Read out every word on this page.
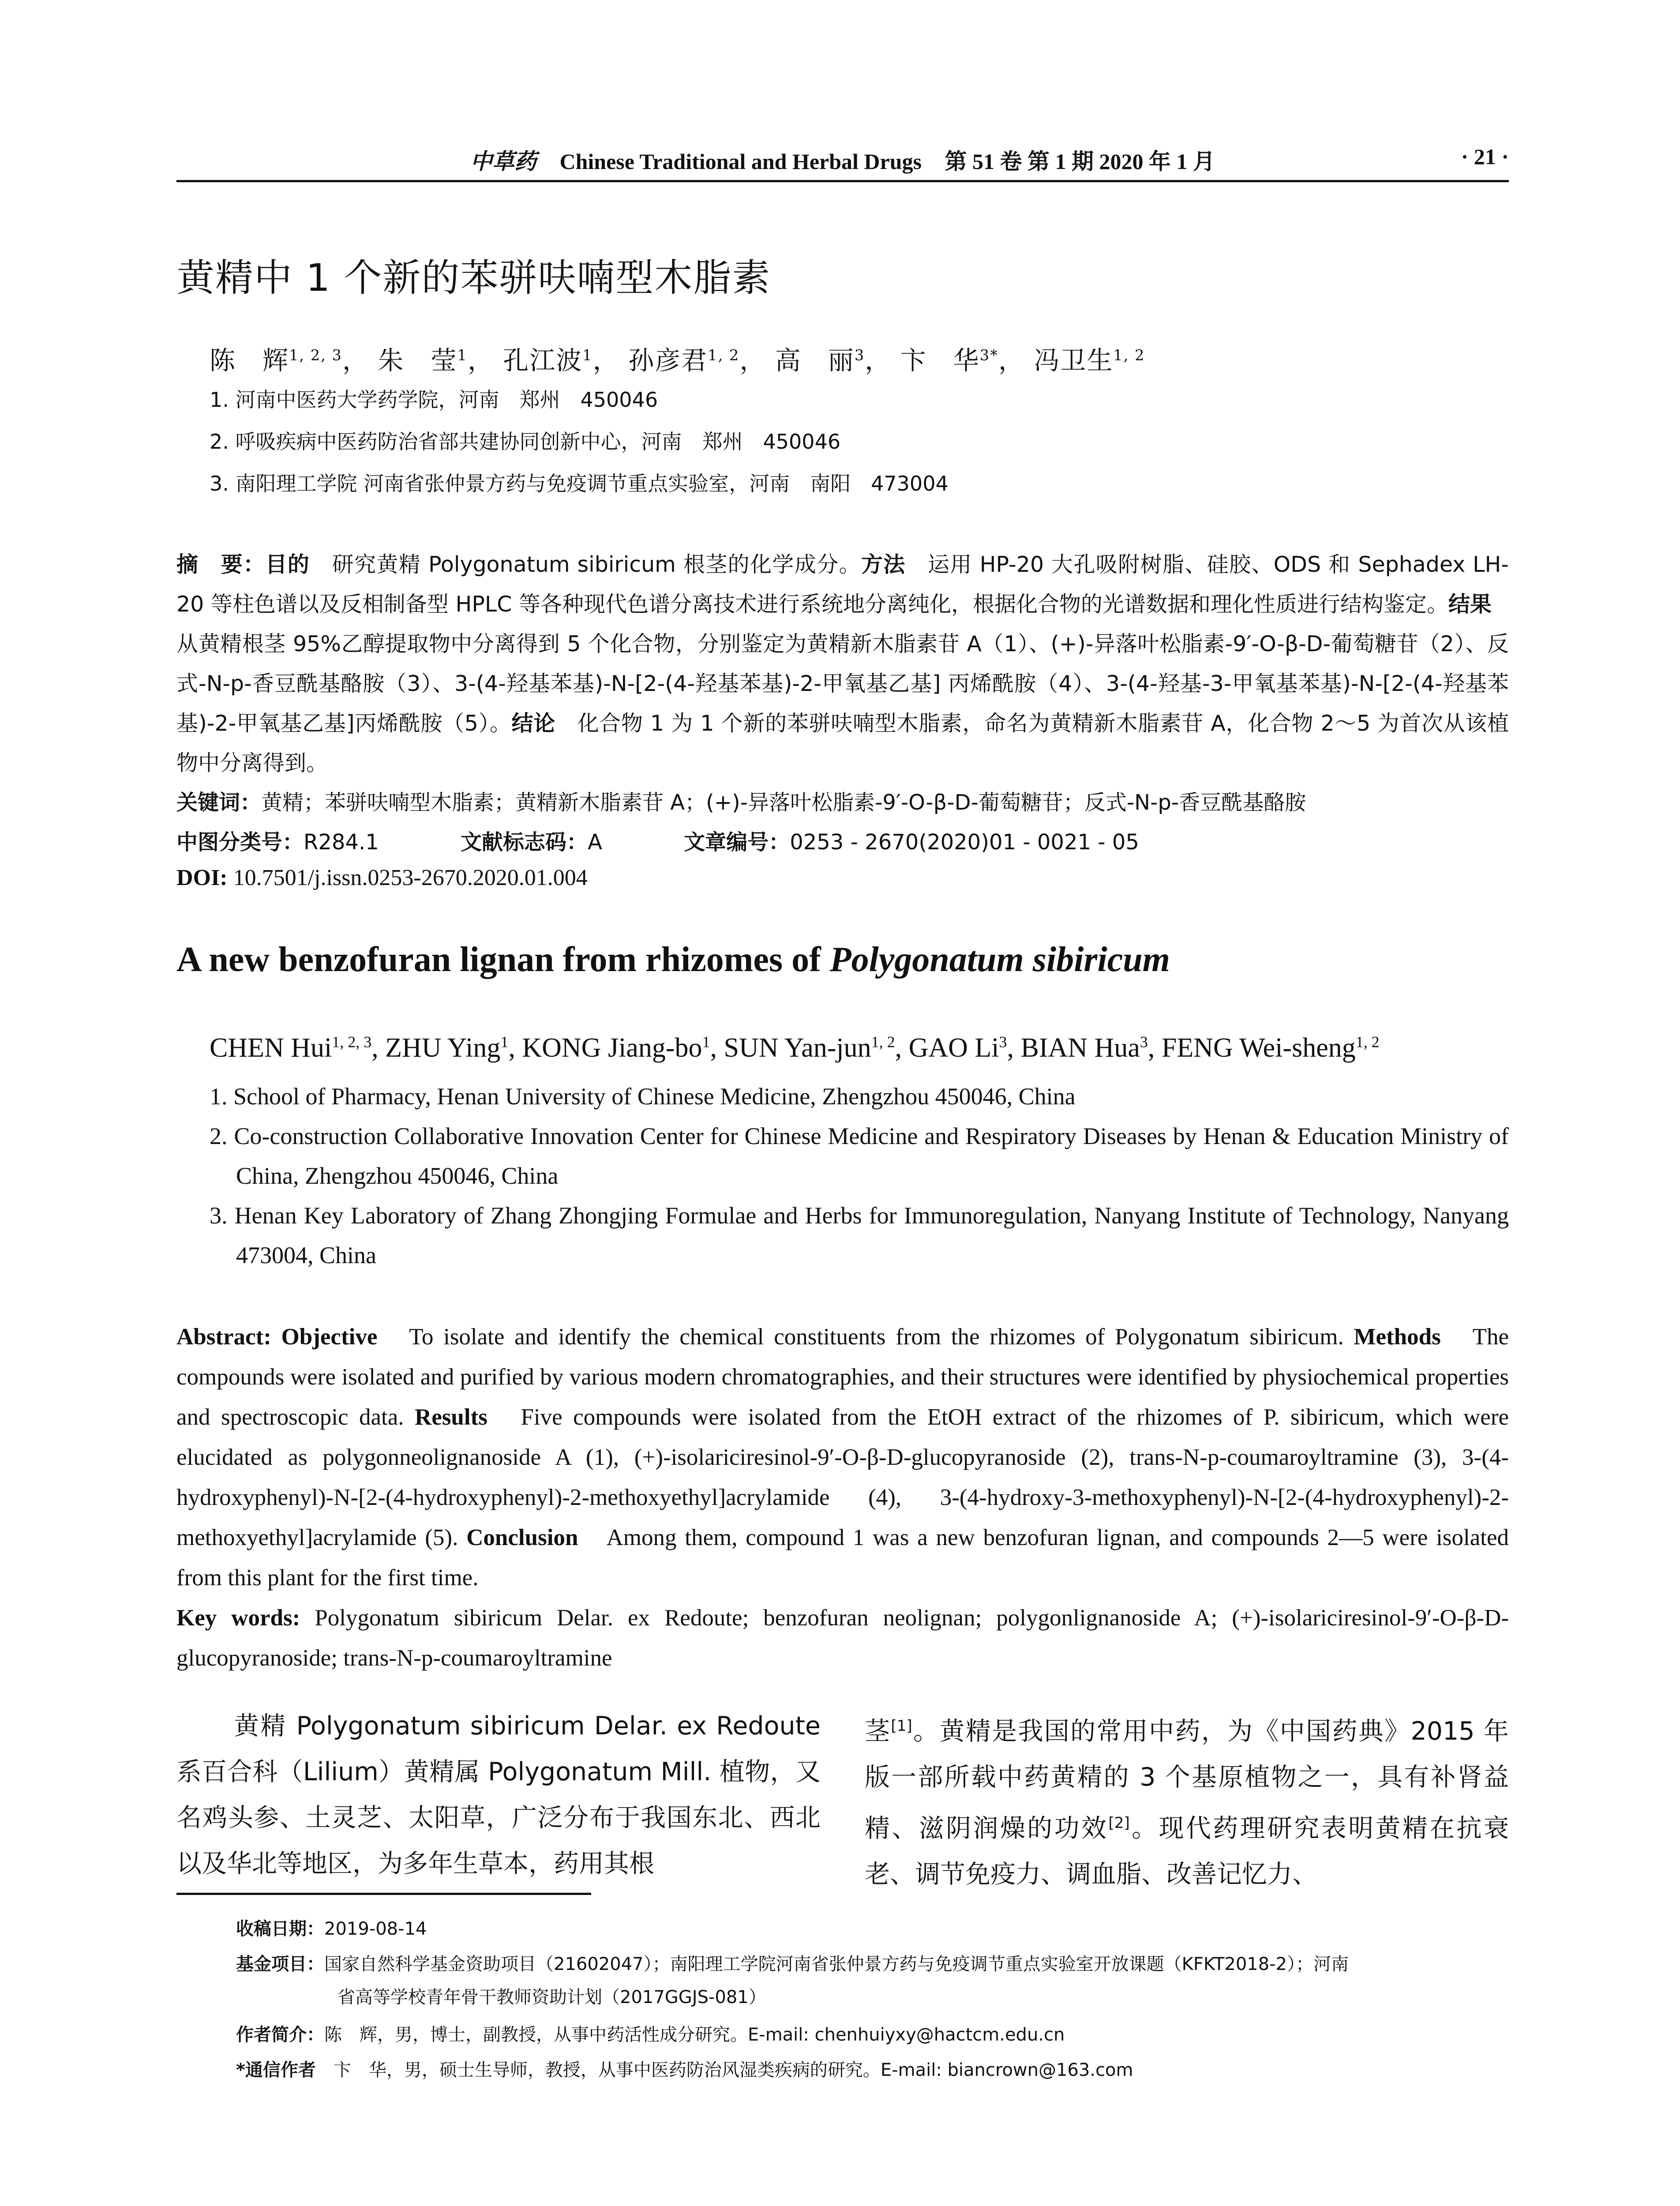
中草药 Chinese Traditional and Herbal Drugs 第 51 卷 第 1 期 2020 年 1 月	· 21 ·
黄精中 1 个新的苯骈呋喃型木脂素
陈　辉$^{1, 2, 3}$， 朱　莹$^1$， 孔江波$^1$， 孙彦君$^{1, 2}$， 高　丽$^3$， 卞　华$^{3*}$， 冯卫生$^{1, 2}$
1. 河南中医药大学药学院，河南　郑州　450046
2. 呼吸疾病中医药防治省部共建协同创新中心，河南　郑州　450046
3. 南阳理工学院 河南省张仲景方药与免疫调节重点实验室，河南　南阳　473004
摘　要：目的　研究黄精 Polygonatum sibiricum 根茎的化学成分。方法　运用 HP-20 大孔吸附树脂、硅胶、ODS 和 Sephadex LH-20 等柱色谱以及反相制备型 HPLC 等各种现代色谱分离技术进行系统地分离纯化，根据化合物的光谱数据和理化性质进行结构鉴定。结果　从黄精根茎 95%乙醇提取物中分离得到 5 个化合物，分别鉴定为黄精新木脂素苷 A（1）、(+)-异落叶松脂素-9′-O-β-D-葡萄糖苷（2）、反式-N-p-香豆酰基酪胺（3）、3-(4-羟基苯基)-N-[2-(4-羟基苯基)-2-甲氧基乙基] 丙烯酰胺（4）、3-(4-羟基-3-甲氧基苯基)-N-[2-(4-羟基苯基)-2-甲氧基乙基]丙烯酰胺（5）。结论　化合物 1 为 1 个新的苯骈呋喃型木脂素，命名为黄精新木脂素苷 A，化合物 2～5 为首次从该植物中分离得到。
关键词：黄精；苯骈呋喃型木脂素；黄精新木脂素苷 A；(+)-异落叶松脂素-9′-O-β-D-葡萄糖苷；反式-N-p-香豆酰基酪胺
中图分类号：R284.1	文献标志码：A	文章编号：0253 - 2670(2020)01 - 0021 - 05
DOI: 10.7501/j.issn.0253-2670.2020.01.004
A new benzofuran lignan from rhizomes of Polygonatum sibiricum
CHEN Hui$^{1, 2, 3}$, ZHU Ying$^1$, KONG Jiang-$bo^1$, SUN Yan-jun$^{1, 2}$, GAO Li$^3$, BIAN Hua$^3$, FENG Wei-sheng$^{1, 2}$
1. School of Pharmacy, Henan University of Chinese Medicine, Zhengzhou 450046, China
2. Co-construction Collaborative Innovation Center for Chinese Medicine and Respiratory Diseases by Henan & Education Ministry of China, Zhengzhou 450046, China
3. Henan Key Laboratory of Zhang Zhongjing Formulae and Herbs for Immunoregulation, Nanyang Institute of Technology, Nanyang 473004, China
Abstract: Objective　To isolate and identify the chemical constituents from the rhizomes of Polygonatum sibiricum. Methods　The compounds were isolated and purified by various modern chromatographies, and their structures were identified by physiochemical properties and spectroscopic data. Results　Five compounds were isolated from the EtOH extract of the rhizomes of P. sibiricum, which were elucidated as polygonneolignanoside A (1), (+)-isolariciresinol-9′-O-β-D-glucopyranoside (2), trans-N-p-coumaroyltramine (3), 3-(4-hydroxyphenyl)-N-[2-(4-hydroxyphenyl)-2-methoxyethyl]acrylamide (4), 3-(4-hydroxy-3-methoxyphenyl)-N-[2-(4-hydroxyphenyl)-2-methoxyethyl]acrylamide (5). Conclusion　Among them, compound 1 was a new benzofuran lignan, and compounds 2—5 were isolated from this plant for the first time.
Key words: Polygonatum sibiricum Delar. ex Redoute; benzofuran neolignan; polygonlignanoside A; (+)-isolariciresinol-9′-O-β-D-glucopyranoside; trans-N-p-coumaroyltramine
黄精 Polygonatum sibiricum Delar. ex Redoute 系百合科（Lilium）黄精属 Polygonatum Mill. 植物，又名鸡头参、土灵芝、太阳草，广泛分布于我国东北、西北以及华北等地区，为多年生草本，药用其根
茎[1]。黄精是我国的常用中药，为《中国药典》2015 年版一部所载中药黄精的 3 个基原植物之一，具有补肾益精、滋阴润燥的功效[2]。现代药理研究表明黄精在抗衰老、调节免疫力、调血脂、改善记忆力、
收稿日期：2019-08-14
基金项目：国家自然科学基金资助项目（21602047）；南阳理工学院河南省张仲景方药与免疫调节重点实验室开放课题（KFKT2018-2）；河南
省高等学校青年骨干教师资助计划（2017GGJS-081）
作者简介：陈　辉，男，博士，副教授，从事中药活性成分研究。E-mail: chenhuiyxy@hactcm.edu.cn
*通信作者　卞　华，男，硕士生导师，教授，从事中医药防治风湿类疾病的研究。E-mail: biancrown@163.com
